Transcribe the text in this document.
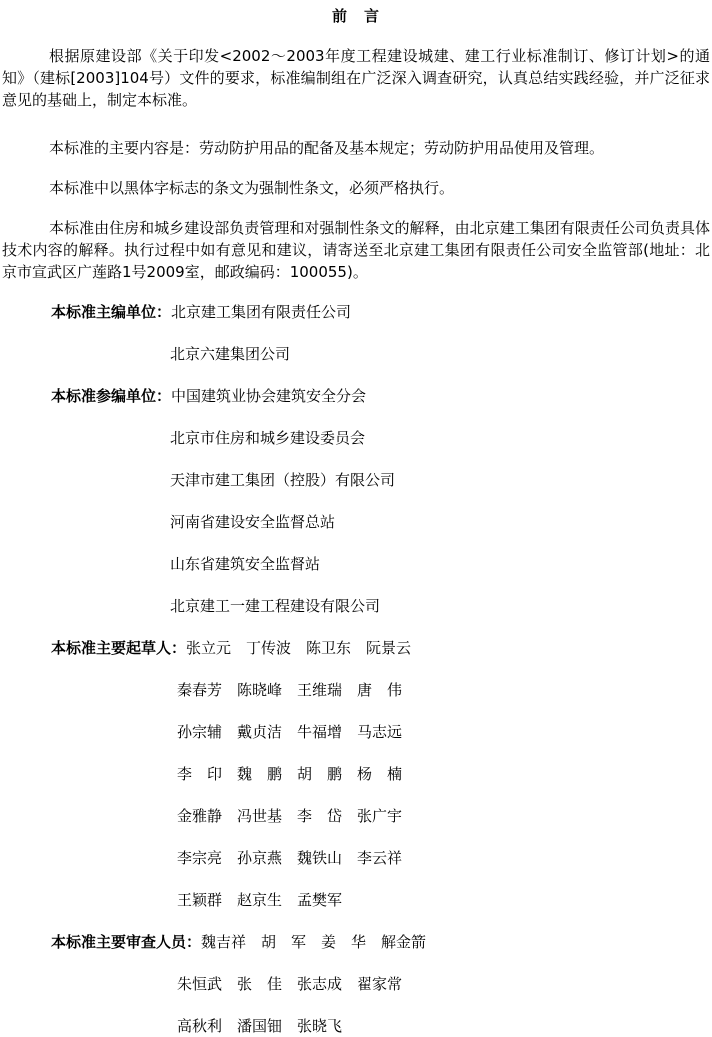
前　言

根据原建设部《关于印发<2002～2003年度工程建设城建、建工行业标准制订、修订计划>的通知》（建标[2003]104号）文件的要求，标准编制组在广泛深入调查研究，认真总结实践经验，并广泛征求意见的基础上，制定本标准。

本标准的主要内容是：劳动防护用品的配备及基本规定；劳动防护用品使用及管理。

本标准中以黑体字标志的条文为强制性条文，必须严格执行。

本标准由住房和城乡建设部负责管理和对强制性条文的解释，由北京建工集团有限责任公司负责具体技术内容的解释。执行过程中如有意见和建议，请寄送至北京建工集团有限责任公司安全监管部(地址：北京市宣武区广莲路1号2009室，邮政编码：100055)。

本标准主编单位：北京建工集团有限责任公司
北京六建集团公司
本标准参编单位：中国建筑业协会建筑安全分会
北京市住房和城乡建设委员会
天津市建工集团（控股）有限公司
河南省建设安全监督总站
山东省建筑安全监督站
北京建工一建工程建设有限公司
本标准主要起草人：张立元　丁传波　陈卫东　阮景云
秦春芳　陈晓峰　王维瑞　唐　伟
孙宗辅　戴贞洁　牛福增　马志远
李　印　魏　鹏　胡　鹏　杨　楠
金雅静　冯世基　李　岱　张广宇
李宗亮　孙京燕　魏铁山　李云祥
王颖群　赵京生　孟樊军
本标准主要审查人员：魏吉祥　胡　军　姜　华　解金箭
朱恒武　张　佳　张志成　翟家常
高秋利　潘国钿　张晓飞
